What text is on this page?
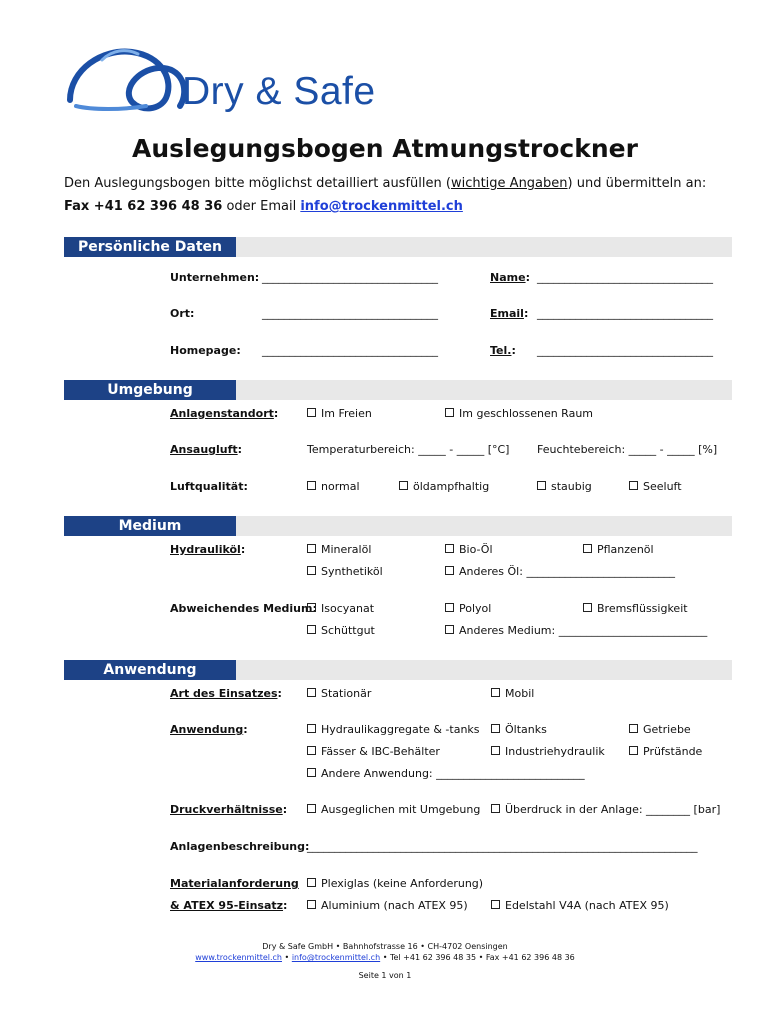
Dry & Safe
Auslegungsbogen Atmungstrockner
Den Auslegungsbogen bitte möglichst detailliert ausfüllen (wichtige Angaben) und übermitteln an:
Fax +41 62 396 48 36 oder Email info@trockenmittel.ch
Persönliche Daten
Unternehmen: ________________________________	Name: ________________________________
Ort:	________________________________	Email: ________________________________
Homepage: ________________________________	Tel.: ________________________________
Umgebung
Anlagenstandort:	Im Freien	Im geschlossenen Raum
Ansaugluft:	Temperaturbereich: _____ - _____ [°C]	Feuchtebereich: _____ - _____ [%]
Luftqualität:	normal	öldampfhaltig	staubig	Seeluft
Medium
Hydrauliköl:	Mineralöl	Bio-Öl	Pflanzenöl
Synthetiköl	Anderes Öl: ___________________________
Abweichendes Medium: Isocyanat	Polyol	Bremsflüssigkeit
Schüttgut	Anderes Medium: ___________________________
Anwendung
Art des Einsatzes:	Stationär	Mobil
Anwendung:	Hydraulikaggregate & -tanks	Öltanks	Getriebe
Fässer & IBC-Behälter	Industriehydraulik	Prüfstände
Andere Anwendung: ___________________________
Druckverhältnisse:	Ausgeglichen mit Umgebung	Überdruck in der Anlage: ________ [bar]
Anlagenbeschreibung:
_______________________________________________________________________
Materialanforderung
& ATEX 95-Einsatz:
Plexiglas (keine Anforderung)
Aluminium (nach ATEX 95)	Edelstahl V4A (nach ATEX 95)
Dry & Safe GmbH • Bahnhofstrasse 16 • CH-4702 Oensingen
www.trockenmittel.ch • info@trockenmittel.ch • Tel +41 62 396 48 35 • Fax +41 62 396 48 36
Seite 1 von 1
